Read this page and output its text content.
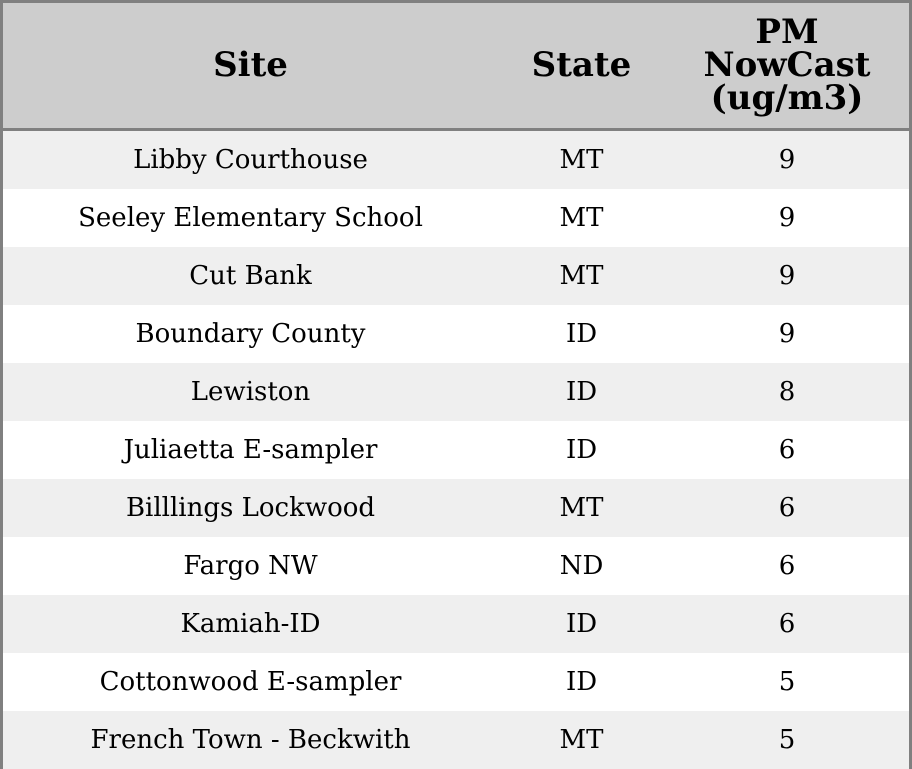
Site	State	PM
NowCast
(ug/m3)

Libby Courthouse	MT	9
Seeley Elementary School	MT	9
Cut Bank	MT	9
Boundary County	ID	9
Lewiston	ID	8
Juliaetta E-sampler	ID	6
Billlings Lockwood	MT	6
Fargo NW	ND	6
Kamiah-ID	ID	6
Cottonwood E-sampler	ID	5
French Town - Beckwith	MT	5
